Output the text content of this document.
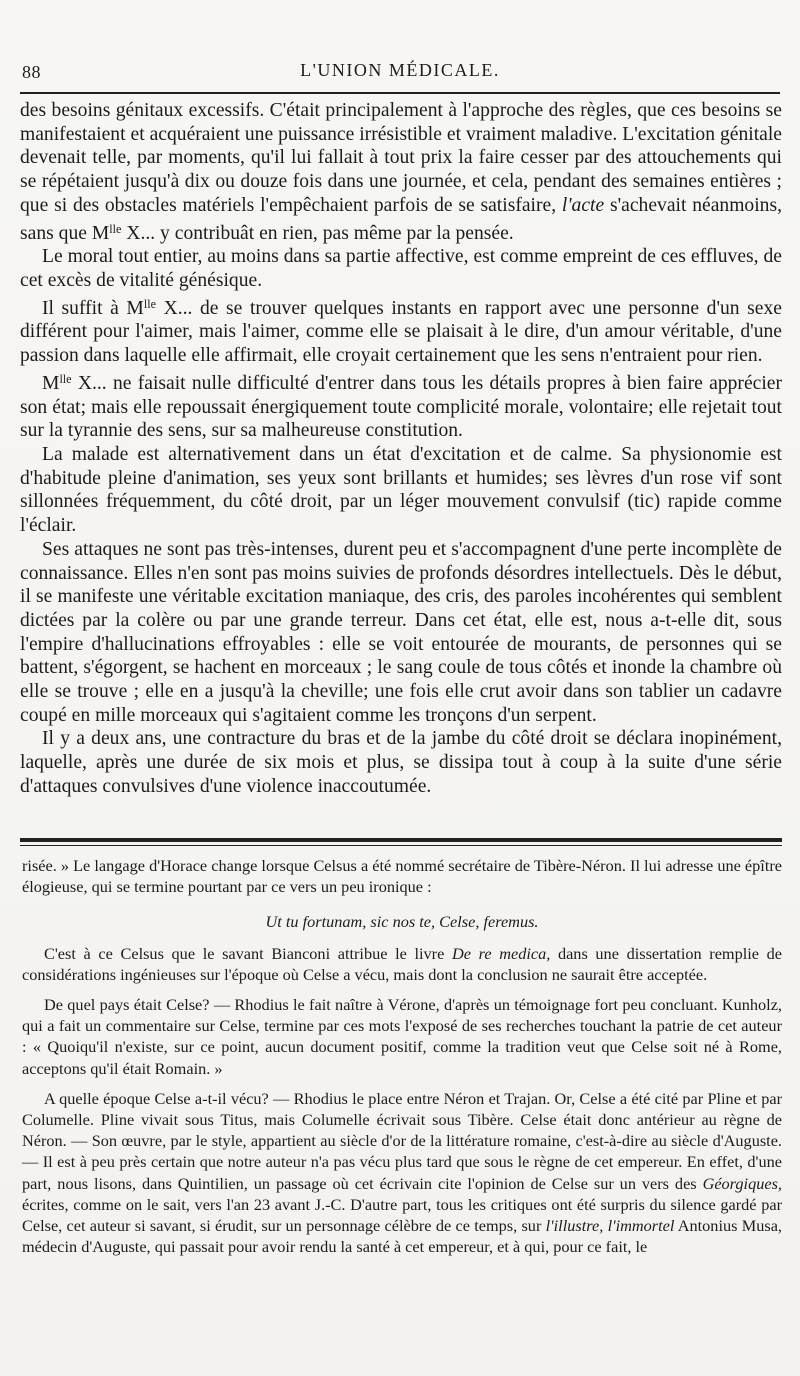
88	L'UNION MÉDICALE.

des besoins génitaux excessifs. C'était principalement à l'approche des règles, que ces besoins se manifestaient et acquéraient une puissance irrésistible et vraiment maladive. L'excitation génitale devenait telle, par moments, qu'il lui fallait à tout prix la faire cesser par des attouchements qui se répétaient jusqu'à dix ou douze fois dans une journée, et cela, pendant des semaines entières ; que si des obstacles matériels l'empêchaient parfois de se satisfaire, l'acte s'achevait néanmoins, sans que $M^{lle}$ X... y contribuât en rien, pas même par la pensée.

Le moral tout entier, au moins dans sa partie affective, est comme empreint de ces effluves, de cet excès de vitalité génésique.

Il suffit à $M^{lle}$ X... de se trouver quelques instants en rapport avec une personne d'un sexe différent pour l'aimer, mais l'aimer, comme elle se plaisait à le dire, d'un amour véritable, d'une passion dans laquelle elle affirmait, elle croyait certainement que les sens n'entraient pour rien.

$M^{lle}$ X... ne faisait nulle difficulté d'entrer dans tous les détails propres à bien faire apprécier son état; mais elle repoussait énergiquement toute complicité morale, volontaire; elle rejetait tout sur la tyrannie des sens, sur sa malheureuse constitution.

La malade est alternativement dans un état d'excitation et de calme. Sa physionomie est d'habitude pleine d'animation, ses yeux sont brillants et humides; ses lèvres d'un rose vif sont sillonnées fréquemment, du côté droit, par un léger mouvement convulsif (tic) rapide comme l'éclair.

Ses attaques ne sont pas très-intenses, durent peu et s'accompagnent d'une perte incomplète de connaissance. Elles n'en sont pas moins suivies de profonds désordres intellectuels. Dès le début, il se manifeste une véritable excitation maniaque, des cris, des paroles incohérentes qui semblent dictées par la colère ou par une grande terreur. Dans cet état, elle est, nous a-t-elle dit, sous l'empire d'hallucinations effroyables : elle se voit entourée de mourants, de personnes qui se battent, s'égorgent, se hachent en morceaux ; le sang coule de tous côtés et inonde la chambre où elle se trouve ; elle en a jusqu'à la cheville; une fois elle crut avoir dans son tablier un cadavre coupé en mille morceaux qui s'agitaient comme les tronçons d'un serpent.

Il y a deux ans, une contracture du bras et de la jambe du côté droit se déclara inopinément, laquelle, après une durée de six mois et plus, se dissipa tout à coup à la suite d'une série d'attaques convulsives d'une violence inaccoutumée.

risée. » Le langage d'Horace change lorsque Celsus a été nommé secrétaire de Tibère-Néron. Il lui adresse une épître élogieuse, qui se termine pourtant par ce vers un peu ironique :

Ut tu fortunam, sic nos te, Celse, feremus.

C'est à ce Celsus que le savant Bianconi attribue le livre De re medica, dans une dissertation remplie de considérations ingénieuses sur l'époque où Celse a vécu, mais dont la conclusion ne saurait être acceptée.

De quel pays était Celse? — Rhodius le fait naître à Vérone, d'après un témoignage fort peu concluant. Kunholz, qui a fait un commentaire sur Celse, termine par ces mots l'exposé de ses recherches touchant la patrie de cet auteur : « Quoiqu'il n'existe, sur ce point, aucun document positif, comme la tradition veut que Celse soit né à Rome, acceptons qu'il était Romain. »

A quelle époque Celse a-t-il vécu? — Rhodius le place entre Néron et Trajan. Or, Celse a été cité par Pline et par Columelle. Pline vivait sous Titus, mais Columelle écrivait sous Tibère. Celse était donc antérieur au règne de Néron. — Son œuvre, par le style, appartient au siècle d'or de la littérature romaine, c'est-à-dire au siècle d'Auguste. — Il est à peu près certain que notre auteur n'a pas vécu plus tard que sous le règne de cet empereur. En effet, d'une part, nous lisons, dans Quintilien, un passage où cet écrivain cite l'opinion de Celse sur un vers des Géorgiques, écrites, comme on le sait, vers l'an 23 avant J.-C. D'autre part, tous les critiques ont été surpris du silence gardé par Celse, cet auteur si savant, si érudit, sur un personnage célèbre de ce temps, sur l'illustre, l'immortel Antonius Musa, médecin d'Auguste, qui passait pour avoir rendu la santé à cet empereur, et à qui, pour ce fait, le
